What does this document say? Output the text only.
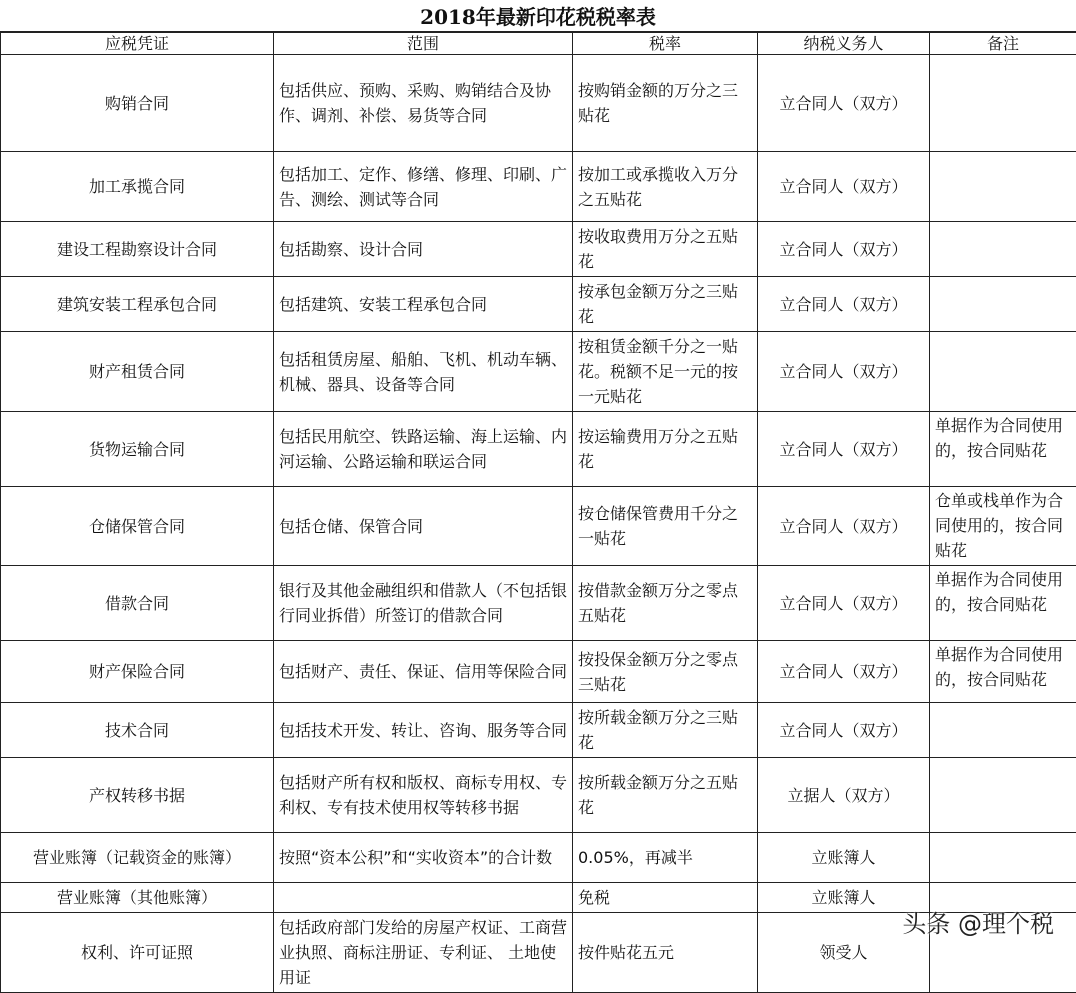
2018年最新印花税税率表
应税凭证	范围	税率	纳税义务人	备注
购销合同	包括供应、预购、采购、购销结合及协作、调剂、补偿、易货等合同	按购销金额的万分之三贴花	立合同人（双方）	
加工承揽合同	包括加工、定作、修缮、修理、印刷、广告、测绘、测试等合同	按加工或承揽收入万分之五贴花	立合同人（双方）	
建设工程勘察设计合同	包括勘察、设计合同	按收取费用万分之五贴花	立合同人（双方）	
建筑安装工程承包合同	包括建筑、安装工程承包合同	按承包金额万分之三贴花	立合同人（双方）	
财产租赁合同	包括租赁房屋、船舶、飞机、机动车辆、机械、器具、设备等合同	按租赁金额千分之一贴花。税额不足一元的按一元贴花	立合同人（双方）	
货物运输合同	包括民用航空、铁路运输、海上运输、内河运输、公路运输和联运合同	按运输费用万分之五贴花	立合同人（双方）	单据作为合同使用的，按合同贴花
仓储保管合同	包括仓储、保管合同	按仓储保管费用千分之一贴花	立合同人（双方）	仓单或栈单作为合同使用的，按合同贴花
借款合同	银行及其他金融组织和借款人（不包括银行同业拆借）所签订的借款合同	按借款金额万分之零点五贴花	立合同人（双方）	单据作为合同使用的，按合同贴花
财产保险合同	包括财产、责任、保证、信用等保险合同	按投保金额万分之零点三贴花	立合同人（双方）	单据作为合同使用的，按合同贴花
技术合同	包括技术开发、转让、咨询、服务等合同	按所载金额万分之三贴花	立合同人（双方）	
产权转移书据	包括财产所有权和版权、商标专用权、专利权、专有技术使用权等转移书据	按所载金额万分之五贴花	立据人（双方）	
营业账簿（记载资金的账簿）	按照“资本公积”和“实收资本”的合计数	0.05%，再减半	立账簿人	
营业账簿（其他账簿）		免税	立账簿人	
权利、许可证照	包括政府部门发给的房屋产权证、工商营业执照、商标注册证、专利证、 土地使用证	按件贴花五元	领受人	
头条 @理个税
